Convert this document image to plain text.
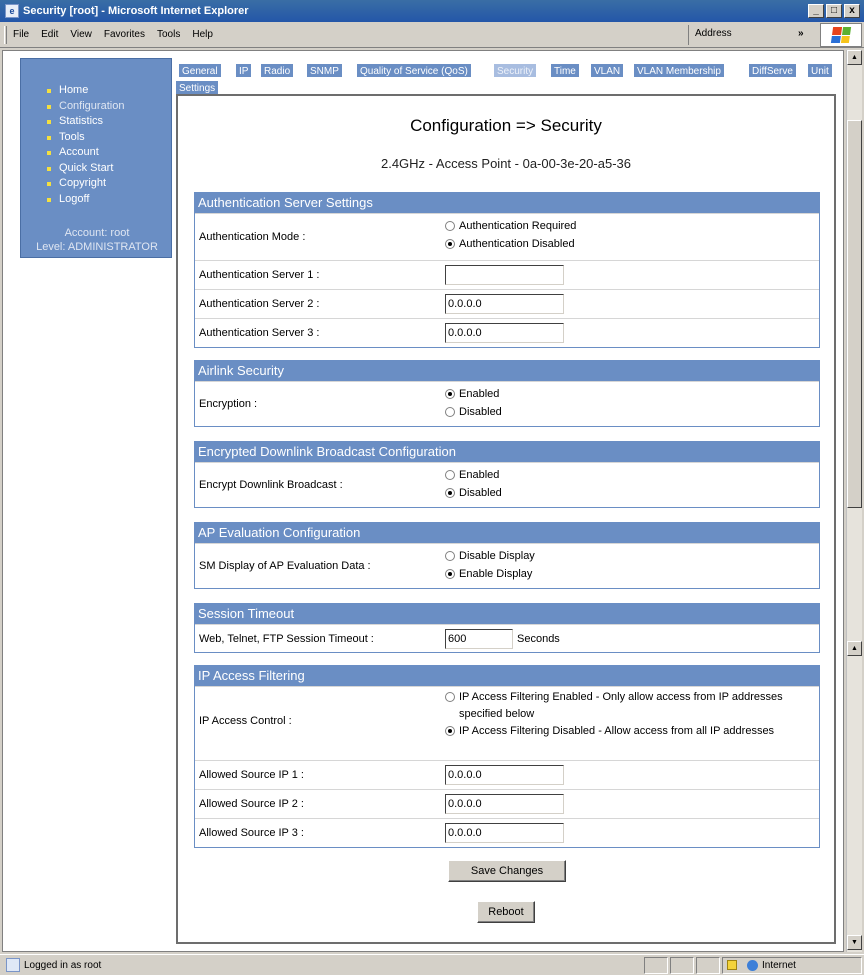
e Security [root] - Microsoft Internet Explorer	_	□	x
File Edit View Favorites Tools Help	Address	»
Home
Configuration
Statistics
Tools
Account
Quick Start
Copyright
Logoff
Account: root
Level: ADMINISTRATOR
General	IP	Radio	SNMP	Quality of Service (QoS)	Security	Time	VLAN	VLAN Membership	DiffServe	Unit
Settings
Configuration => Security
2.4GHz - Access Point - 0a-00-3e-20-a5-36
Authentication Server Settings
Authentication Mode :
Authentication Required
Authentication Disabled
Authentication Server 1 :
Authentication Server 2 :
0.0.0.0
Authentication Server 3 :
0.0.0.0
Airlink Security
Encryption :
Enabled
Disabled
Encrypted Downlink Broadcast Configuration
Encrypt Downlink Broadcast :
Enabled
Disabled
AP Evaluation Configuration
SM Display of AP Evaluation Data :
Disable Display
Enable Display
Session Timeout
Web, Telnet, FTP Session Timeout :
600	Seconds
IP Access Filtering
IP Access Control :
IP Access Filtering Enabled - Only allow access from IP addresses specified below
IP Access Filtering Disabled - Allow access from all IP addresses
Allowed Source IP 1 :
0.0.0.0
Allowed Source IP 2 :
0.0.0.0
Allowed Source IP 3 :
0.0.0.0
Save Changes
Reboot
▲
▲
▼
Logged in as root	Internet
